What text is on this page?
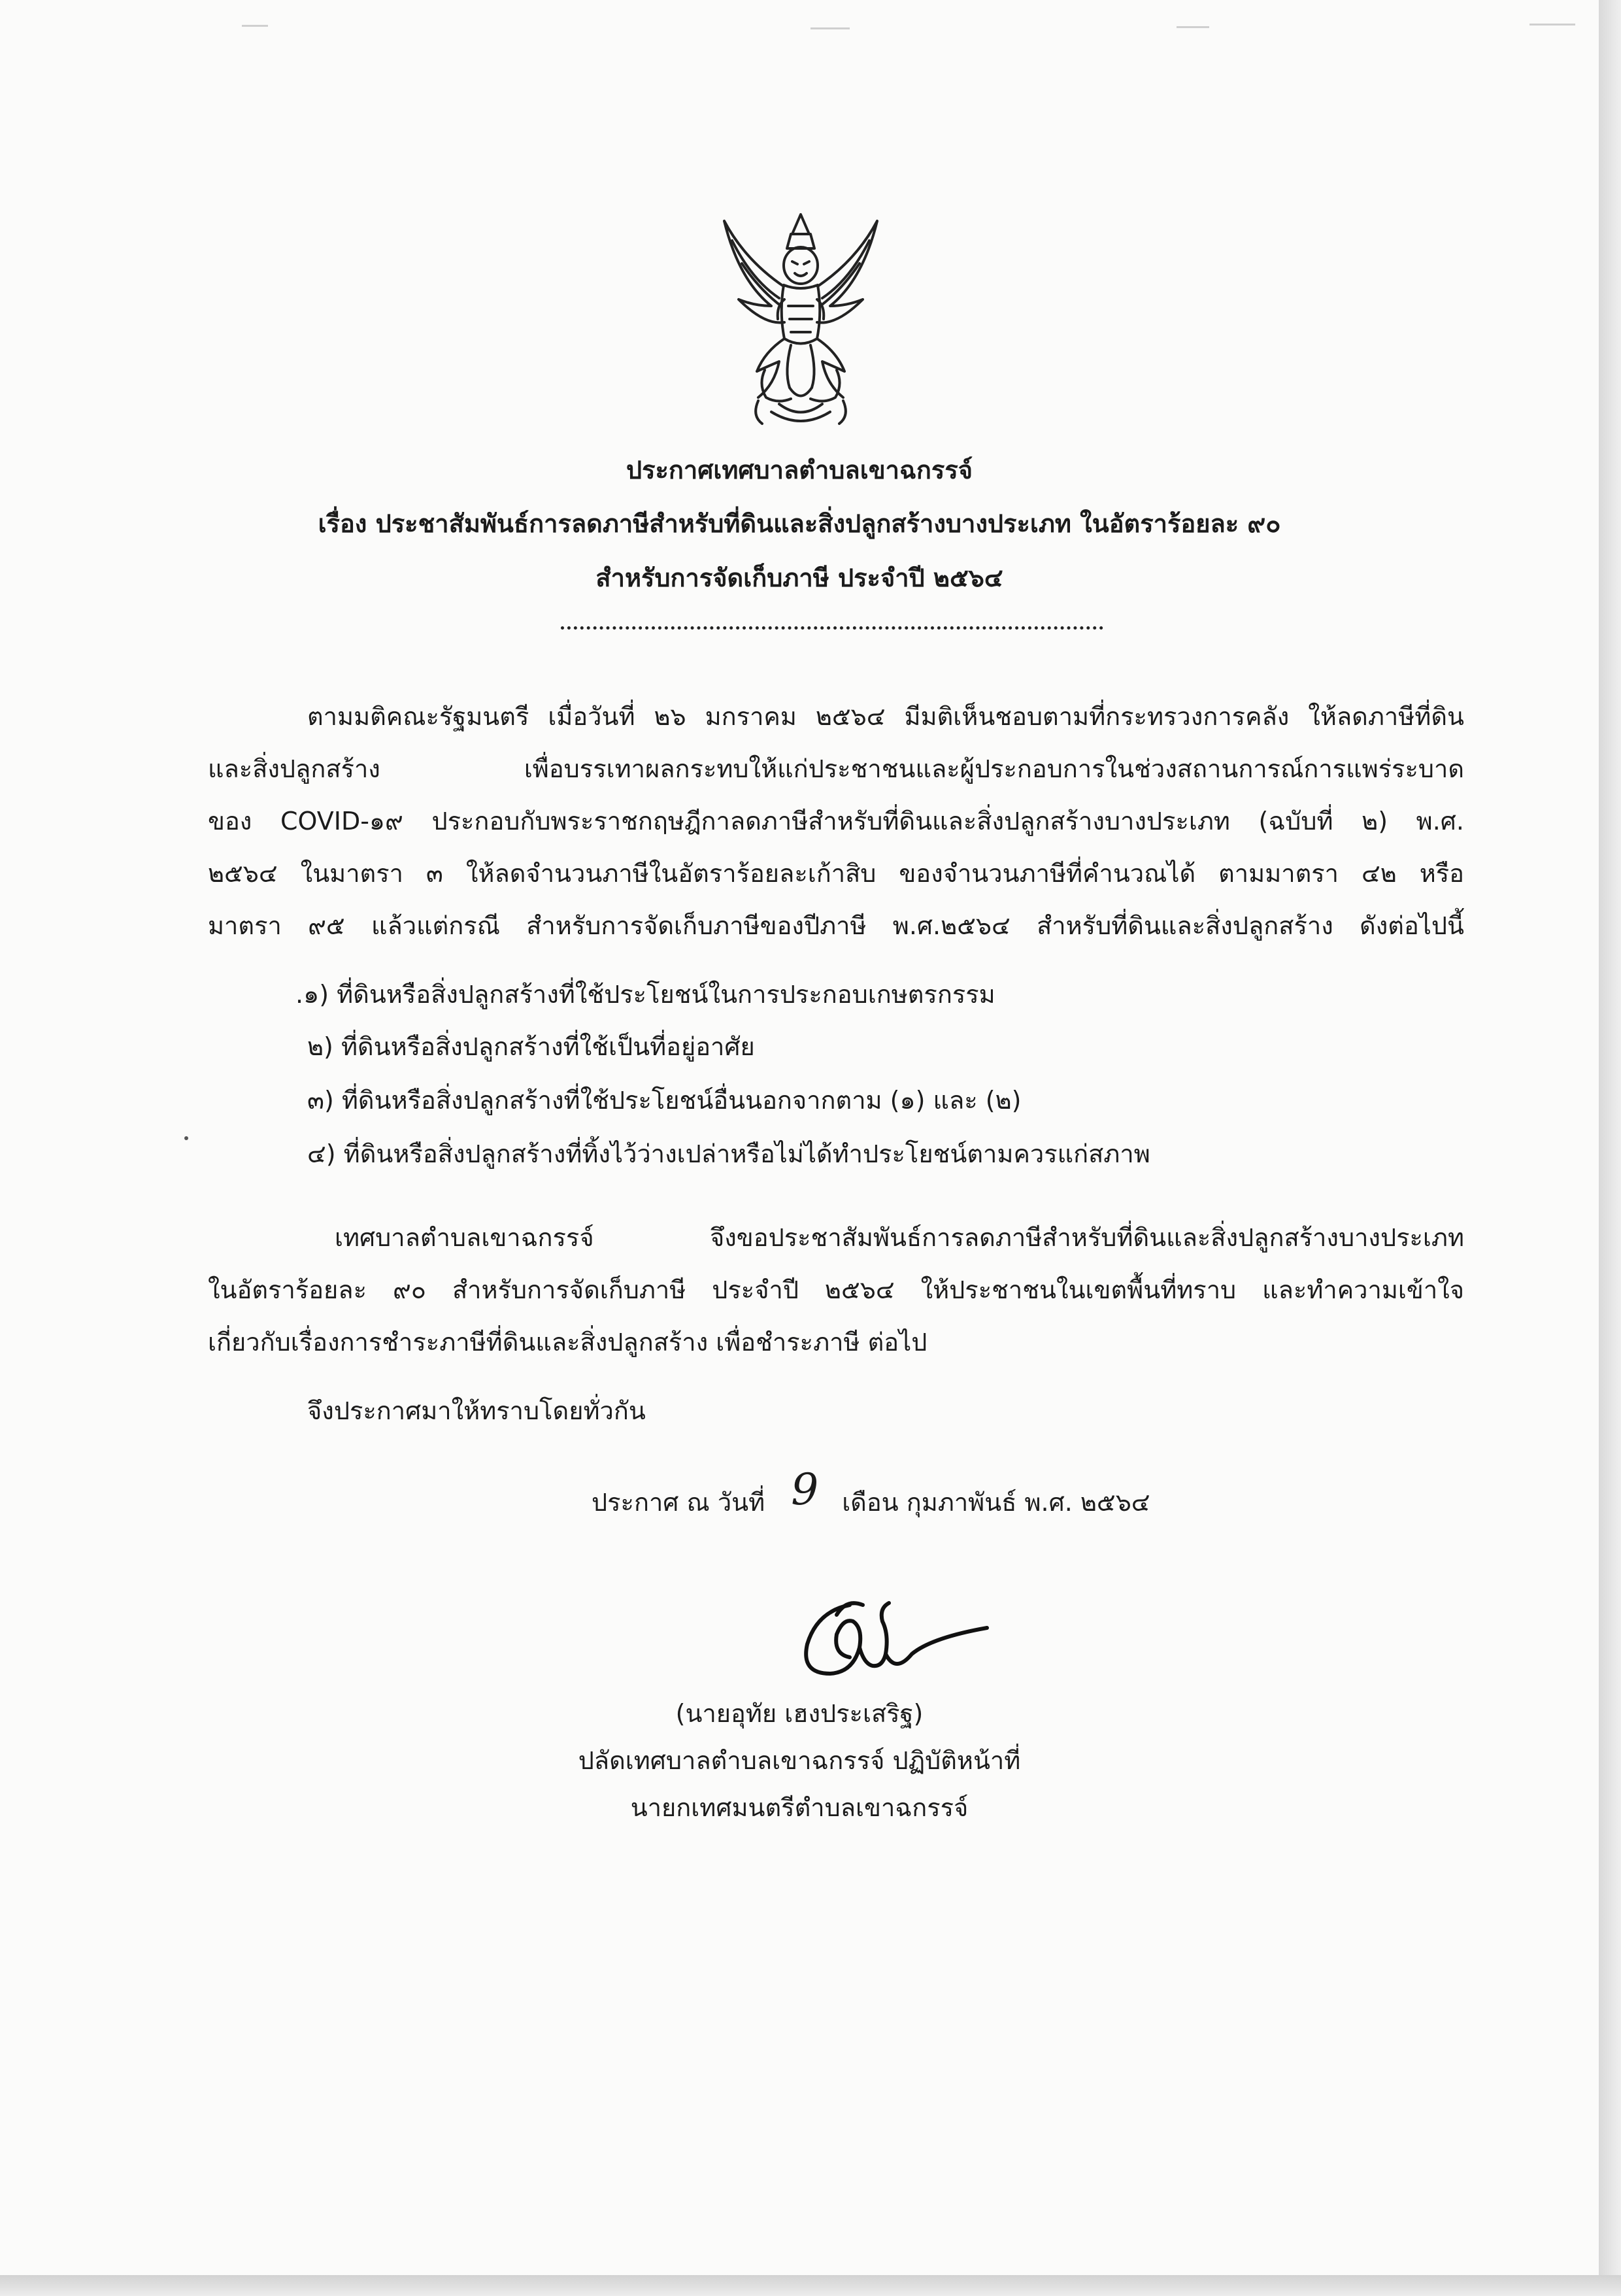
ประกาศเทศบาลตำบลเขาฉกรรจ์
เรื่อง ประชาสัมพันธ์การลดภาษีสำหรับที่ดินและสิ่งปลูกสร้างบางประเภท ในอัตราร้อยละ ๙๐
สำหรับการจัดเก็บภาษี ประจำปี ๒๕๖๔
ตามมติคณะรัฐมนตรี เมื่อวันที่ ๒๖ มกราคม ๒๕๖๔ มีมติเห็นชอบตามที่กระทรวงการคลัง ให้ลดภาษีที่ดิน
และสิ่งปลูกสร้าง เพื่อบรรเทาผลกระทบให้แก่ประชาชนและผู้ประกอบการในช่วงสถานการณ์การแพร่ระบาด
ของ COVID-๑๙ ประกอบกับพระราชกฤษฎีกาลดภาษีสำหรับที่ดินและสิ่งปลูกสร้างบางประเภท (ฉบับที่ ๒) พ.ศ.
๒๕๖๔ ในมาตรา ๓ ให้ลดจำนวนภาษีในอัตราร้อยละเก้าสิบ ของจำนวนภาษีที่คำนวณได้ ตามมาตรา ๔๒ หรือ
มาตรา ๙๕ แล้วแต่กรณี สำหรับการจัดเก็บภาษีของปีภาษี พ.ศ.๒๕๖๔ สำหรับที่ดินและสิ่งปลูกสร้าง ดังต่อไปนี้
.๑) ที่ดินหรือสิ่งปลูกสร้างที่ใช้ประโยชน์ในการประกอบเกษตรกรรม
๒) ที่ดินหรือสิ่งปลูกสร้างที่ใช้เป็นที่อยู่อาศัย
๓) ที่ดินหรือสิ่งปลูกสร้างที่ใช้ประโยชน์อื่นนอกจากตาม (๑) และ (๒)
๔) ที่ดินหรือสิ่งปลูกสร้างที่ทิ้งไว้ว่างเปล่าหรือไม่ได้ทำประโยชน์ตามควรแก่สภาพ
เทศบาลตำบลเขาฉกรรจ์ จึงขอประชาสัมพันธ์การลดภาษีสำหรับที่ดินและสิ่งปลูกสร้างบางประเภท
ในอัตราร้อยละ ๙๐ สำหรับการจัดเก็บภาษี ประจำปี ๒๕๖๔ ให้ประชาชนในเขตพื้นที่ทราบ และทำความเข้าใจ
เกี่ยวกับเรื่องการชำระภาษีที่ดินและสิ่งปลูกสร้าง เพื่อชำระภาษี ต่อไป
จึงประกาศมาให้ทราบโดยทั่วกัน
ประกาศ ณ วันที่ 9 เดือน กุมภาพันธ์ พ.ศ. ๒๕๖๔
(นายอุทัย เฮงประเสริฐ)
ปลัดเทศบาลตำบลเขาฉกรรจ์ ปฏิบัติหน้าที่
นายกเทศมนตรีตำบลเขาฉกรรจ์
